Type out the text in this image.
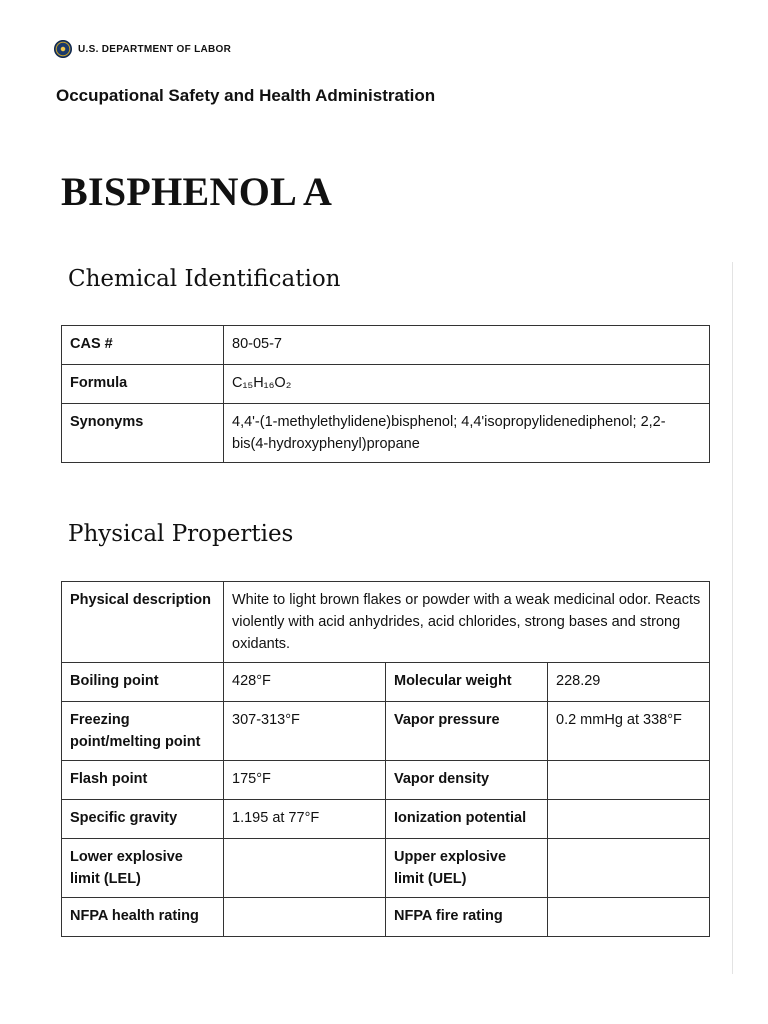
U.S. DEPARTMENT OF LABOR
Occupational Safety and Health Administration
BISPHENOL A
Chemical Identification
CAS #	80-05-7
Formula	C₁₅H₁₆O₂
Synonyms	4,4'-(1-methylethylidene)bisphenol; 4,4'isopropylidenediphenol; 2,2-bis(4-hydroxyphenyl)propane
Physical Properties
Physical description	White to light brown flakes or powder with a weak medicinal odor. Reacts violently with acid anhydrides, acid chlorides, strong bases and strong oxidants.		
Boiling point	428°F	Molecular weight	228.29
Freezing point/melting point	307-313°F	Vapor pressure	0.2 mmHg at 338°F
Flash point	175°F	Vapor density	
Specific gravity	1.195 at 77°F	Ionization potential	
Lower explosive limit (LEL)		Upper explosive limit (UEL)	
NFPA health rating		NFPA fire rating	
